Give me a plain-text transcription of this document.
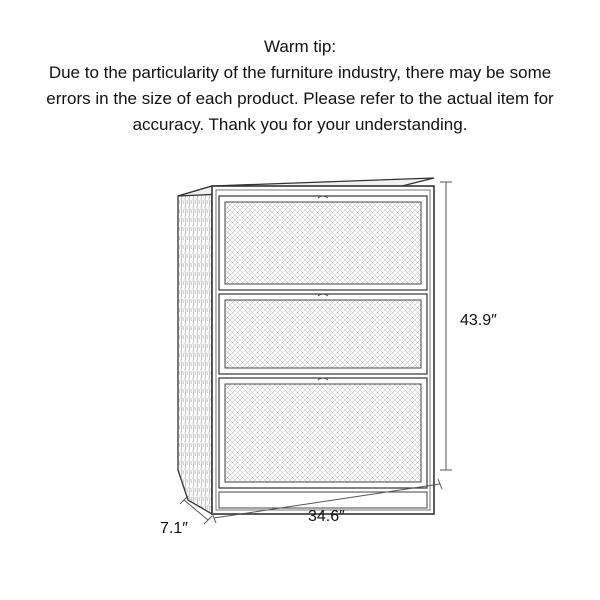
Warm tip:
Due to the particularity of the furniture industry, there may be some
errors in the size of each product. Please refer to the actual item for
accuracy. Thank you for your understanding.
43.9″
34.6″
7.1″
